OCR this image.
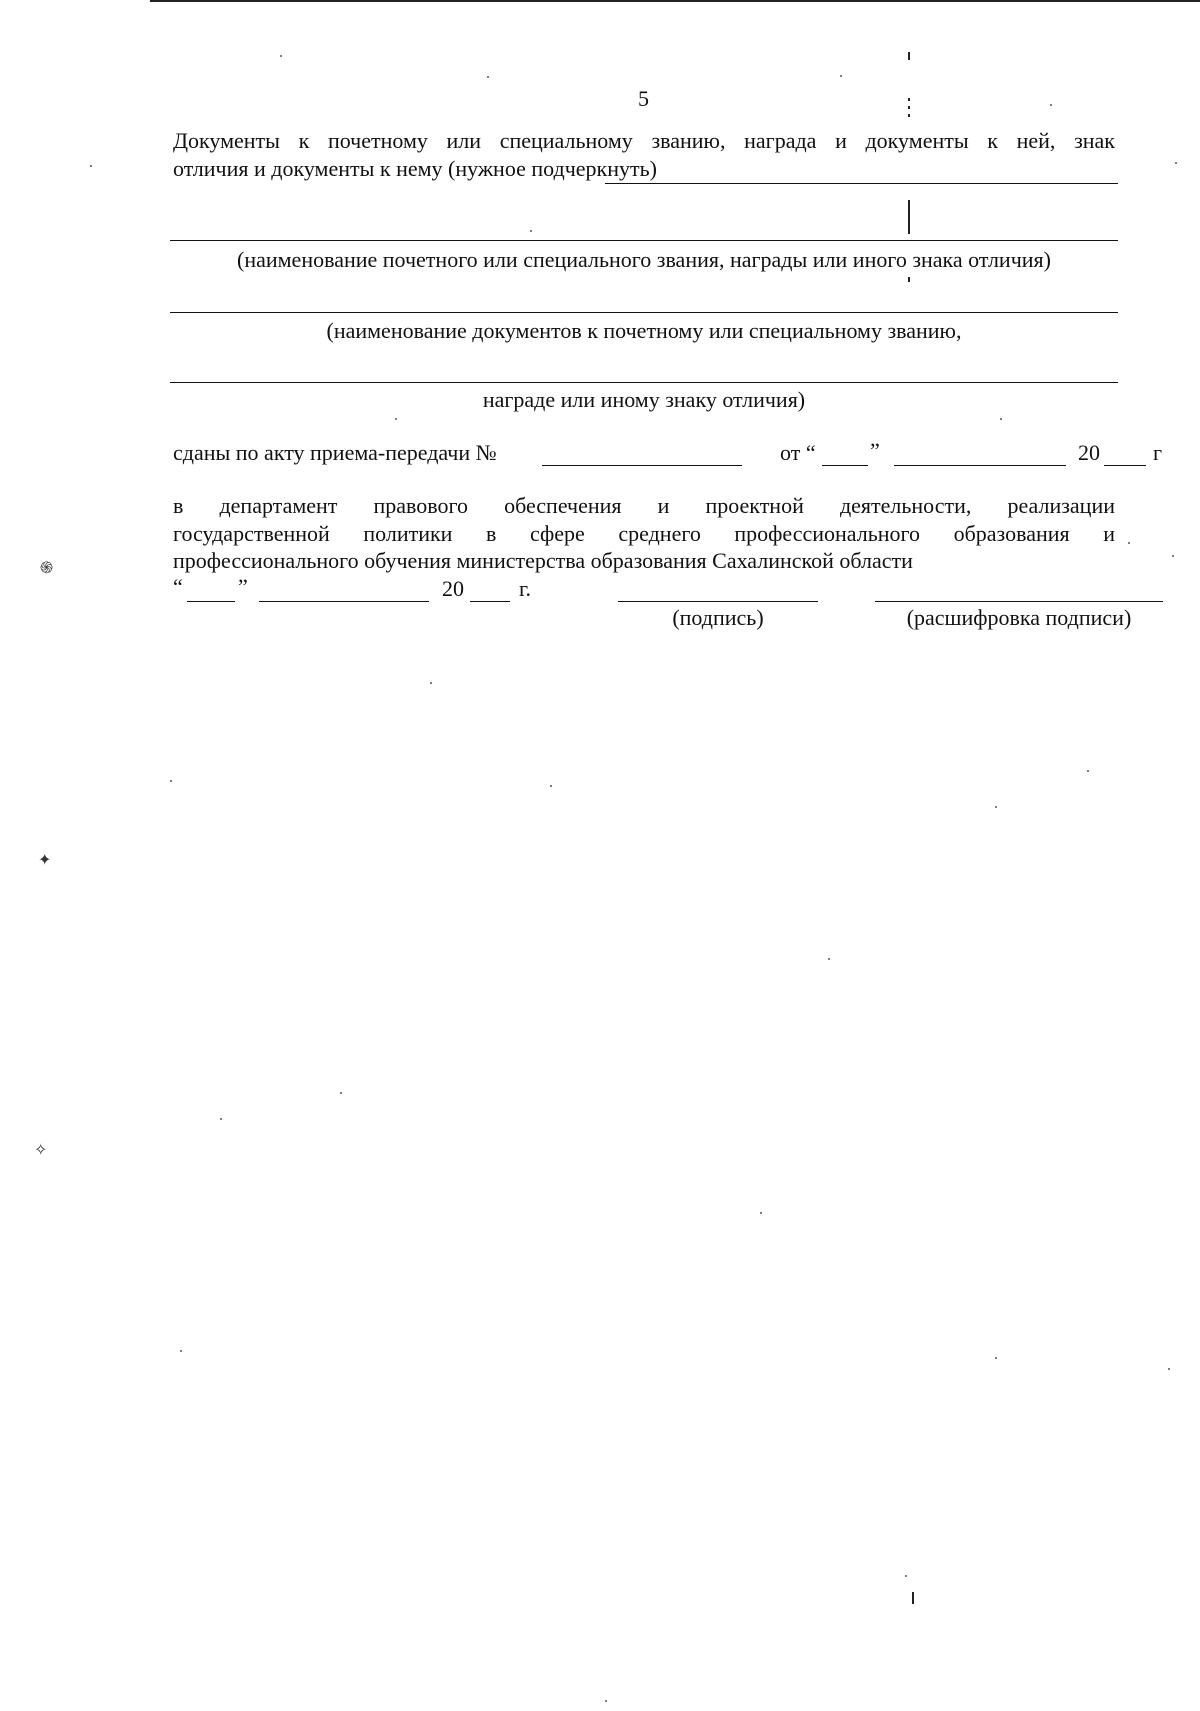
5
Документы к почетному или специальному званию, награда и документы к ней, знак
отличия и документы к нему (нужное подчеркнуть)
(наименование почетного или специального звания, награды или иного знака отличия)
(наименование документов к почетному или специальному званию,
награде или иному знаку отличия)
сданы по акту приема-передачи №	от “ ”	20 г
в департамент правового обеспечения и проектной деятельности, реализации
государственной политики в сфере среднего профессионального образования и
профессионального обучения министерства образования Сахалинской области
“	”	20	г.
(подпись)	(расшифровка подписи)
֍
✦
✧
